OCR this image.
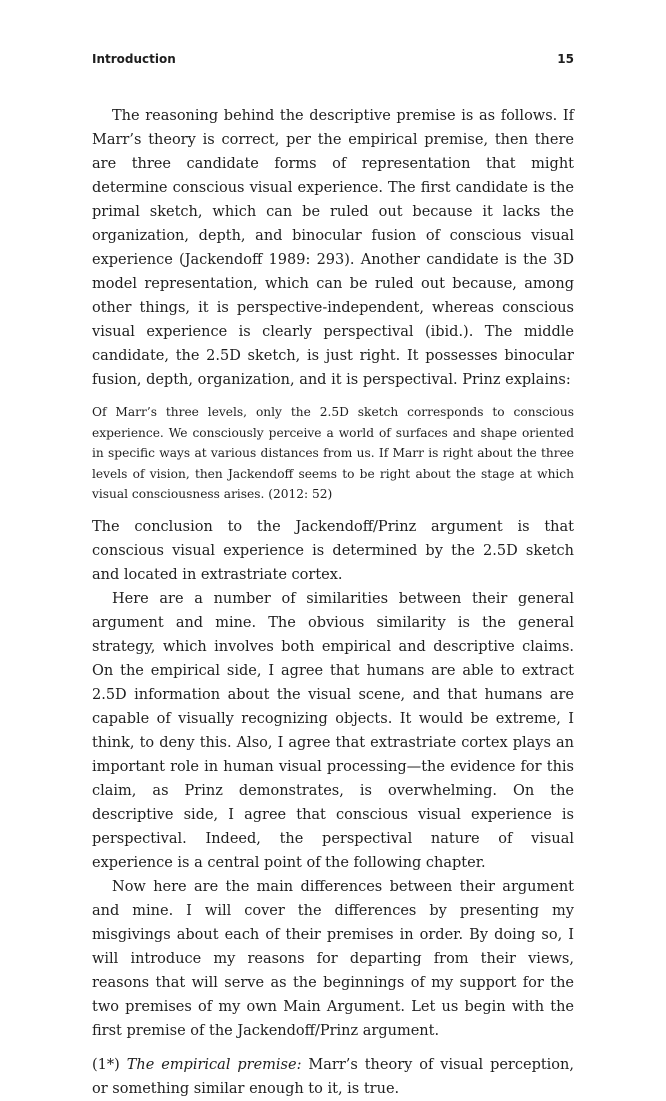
Introduction	15

The reasoning behind the descriptive premise is as follows. If Marr’s theory is correct, per the empirical premise, then there are three candidate forms of representation that might determine conscious visual experience. The first candidate is the primal sketch, which can be ruled out because it lacks the organization, depth, and binocular fusion of conscious visual experience (Jackendoff 1989: 293). Another candidate is the 3D model representation, which can be ruled out because, among other things, it is perspective-independent, whereas conscious visual experience is clearly perspectival (ibid.). The middle candidate, the 2.5D sketch, is just right. It possesses binocular fusion, depth, organization, and it is perspectival. Prinz explains:

Of Marr’s three levels, only the 2.5D sketch corresponds to conscious experience. We consciously perceive a world of surfaces and shape oriented in specific ways at various distances from us. If Marr is right about the three levels of vision, then Jackendoff seems to be right about the stage at which visual consciousness arises. (2012: 52)

The conclusion to the Jackendoff/Prinz argument is that conscious visual experience is determined by the 2.5D sketch and located in extrastriate cortex.

Here are a number of similarities between their general argument and mine. The obvious similarity is the general strategy, which involves both empirical and descriptive claims. On the empirical side, I agree that humans are able to extract 2.5D information about the visual scene, and that humans are capable of visually recognizing objects. It would be extreme, I think, to deny this. Also, I agree that extrastriate cortex plays an important role in human visual processing—the evidence for this claim, as Prinz demonstrates, is overwhelming. On the descriptive side, I agree that conscious visual experience is perspectival. Indeed, the perspectival nature of visual experience is a central point of the following chapter.

Now here are the main differences between their argument and mine. I will cover the differences by presenting my misgivings about each of their premises in order. By doing so, I will introduce my reasons for departing from their views, reasons that will serve as the beginnings of my support for the two premises of my own Main Argument. Let us begin with the first premise of the Jackendoff/Prinz argument.

(1*) The empirical premise: Marr’s theory of visual perception, or something similar enough to it, is true.
